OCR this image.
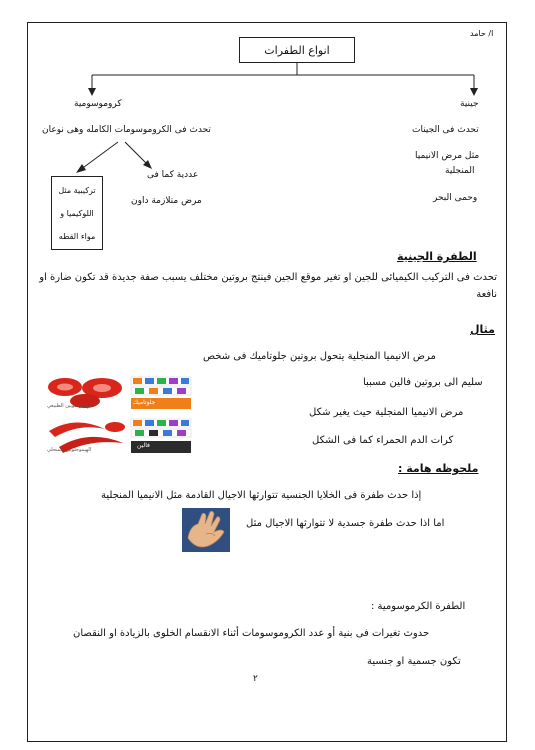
ا/ حامد
انواع الطفرات
كروموسومية	جينية
تحدث فى الكروموسومات الكامله وهى نوعان	تحدث فى الجينات
مثل مرض الانيميا
المنجلية
وحمى البحر
عددية كما فى
مرض متلازمة داون
تركيبية مثل
اللوكيميا و
مواء القطه
الطفرة الجينية
تحدث فى التركيب الكيميائى للجين او تغير موقع الجين فينتج بروتين مختلف يسبب صفة جديدة قد تكون ضارة او نافعة
مثال
مرض الانيميا المنجلية يتحول بروتين جلوتاميك فى شخص
سليم الى بروتين فالين مسببا
مرض الانيميا المنجلية حيث يغير شكل
كرات الدم الحمراء كما فى الشكل
جلوتاميك
الهيموجلوبين الطبيعي
فالين
الهيموجلوبين المنجلي
ملحوظه هامة :
إذا حدث طفرة فى الخلايا الجنسية تتوارثها الاجيال القادمة مثل الانيميا المنجلية
اما اذا حدث طفرة جسدية لا تتوارثها الاجيال مثل
الطفرة الكرموسومية :
حدوث تغيرات فى بنية أو عدد الكروموسومات أثناء الانقسام الخلوى بالزيادة او النقصان
تكون جسمية او جنسية
٢
